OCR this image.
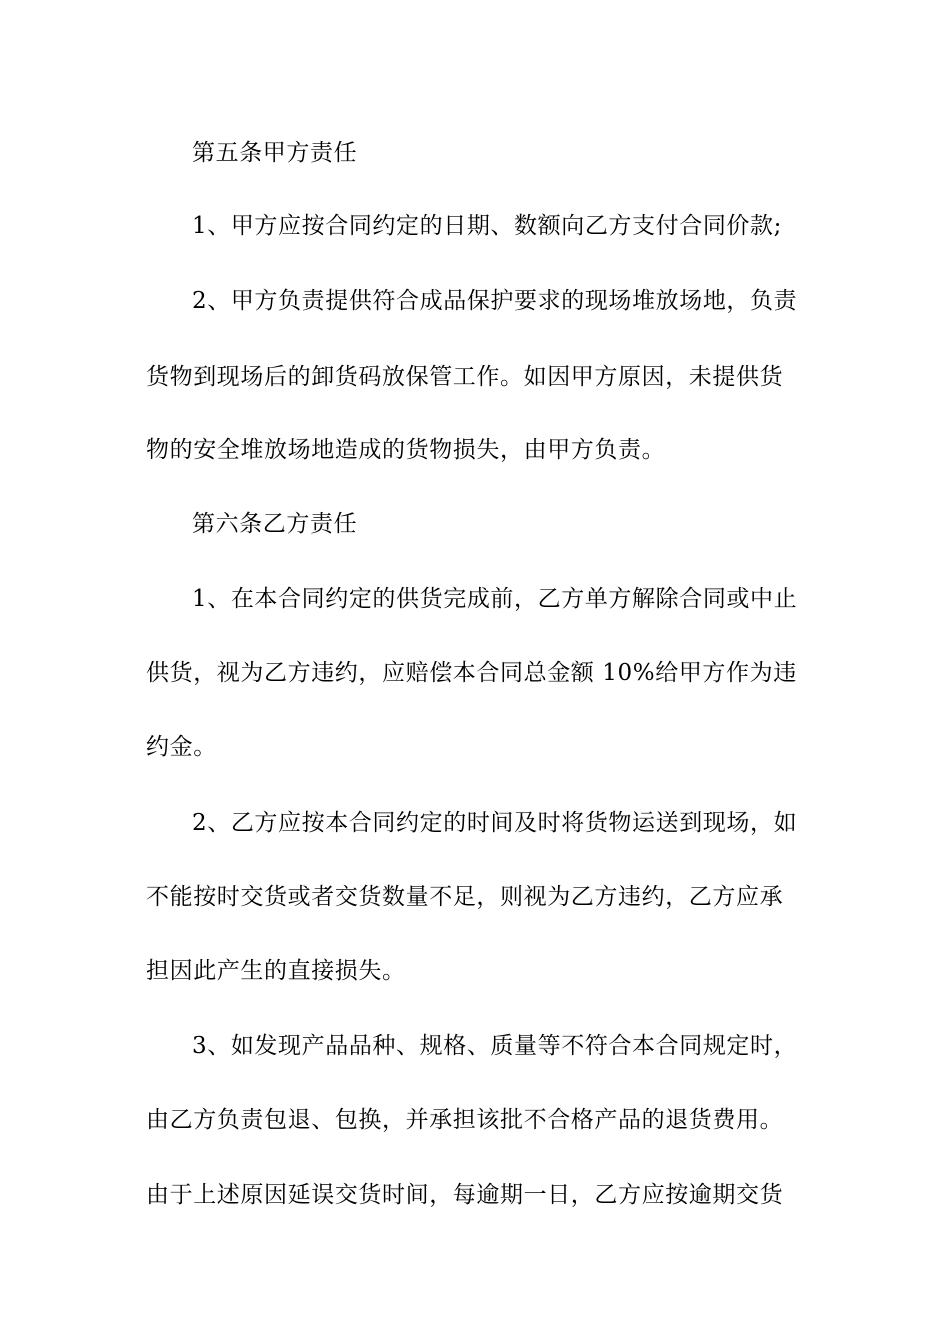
第五条甲方责任
1、甲方应按合同约定的日期、数额向乙方支付合同价款;
2、甲方负责提供符合成品保护要求的现场堆放场地，负责
货物到现场后的卸货码放保管工作。如因甲方原因，未提供货
物的安全堆放场地造成的货物损失，由甲方负责。
第六条乙方责任
1、在本合同约定的供货完成前，乙方单方解除合同或中止
供货，视为乙方违约，应赔偿本合同总金额 10%给甲方作为违
约金。
2、乙方应按本合同约定的时间及时将货物运送到现场，如
不能按时交货或者交货数量不足，则视为乙方违约，乙方应承
担因此产生的直接损失。
3、如发现产品品种、规格、质量等不符合本合同规定时，
由乙方负责包退、包换，并承担该批不合格产品的退货费用。
由于上述原因延误交货时间，每逾期一日，乙方应按逾期交货
